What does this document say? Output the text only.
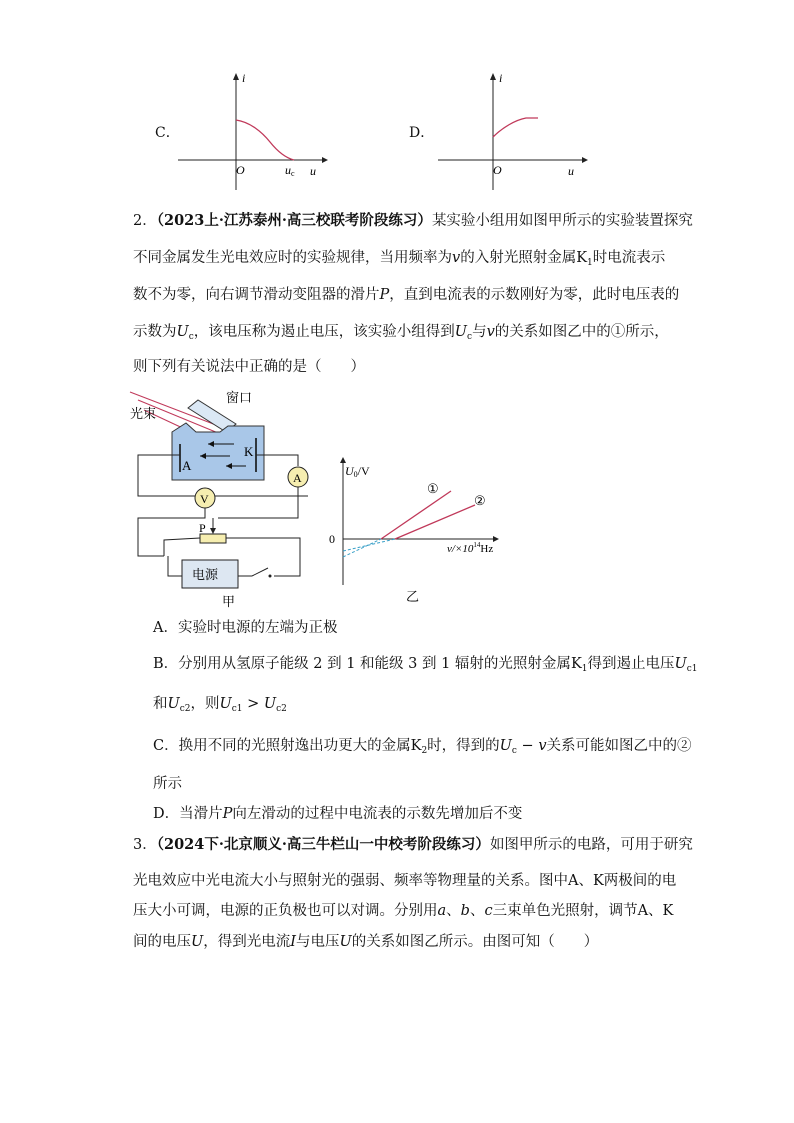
C．
i
u
O	uc
D．
i
u
O
2．（2023上·江苏泰州·高三校联考阶段练习）某实验小组用如图甲所示的实验装置探究
不同金属发生光电效应时的实验规律，当用频率为v的入射光照射金属$K_1$时电流表示
数不为零，向右调节滑动变阻器的滑片P，直到电流表的示数刚好为零，此时电压表的
示数为$U_c$，该电压称为遏止电压，该实验小组得到$U_c$与v的关系如图乙中的①所示，
则下列有关说法中正确的是（　　）
A
K
窗口
光束
A
V
P
电源
甲
U0/V
0
$v/\times 10^{14}Hz$
①
②
乙
A．实验时电源的左端为正极
B．分别用从氢原子能级 2 到 1 和能级 3 到 1 辐射的光照射金属$K_1$得到遏止电压$U_{c1}$
和$U_{c2}$，则$U_{c1} > U_{c2}$
C．换用不同的光照射逸出功更大的金属$K_2$时，得到的$U_c - v$关系可能如图乙中的②
所示
D．当滑片P向左滑动的过程中电流表的示数先增加后不变
3．（2024下·北京顺义·高三牛栏山一中校考阶段练习）如图甲所示的电路，可用于研究
光电效应中光电流大小与照射光的强弱、频率等物理量的关系。图中A、K两极间的电
压大小可调，电源的正负极也可以对调。分别用a、b、c三束单色光照射，调节A、K
间的电压U，得到光电流I与电压U的关系如图乙所示。由图可知（　　）
